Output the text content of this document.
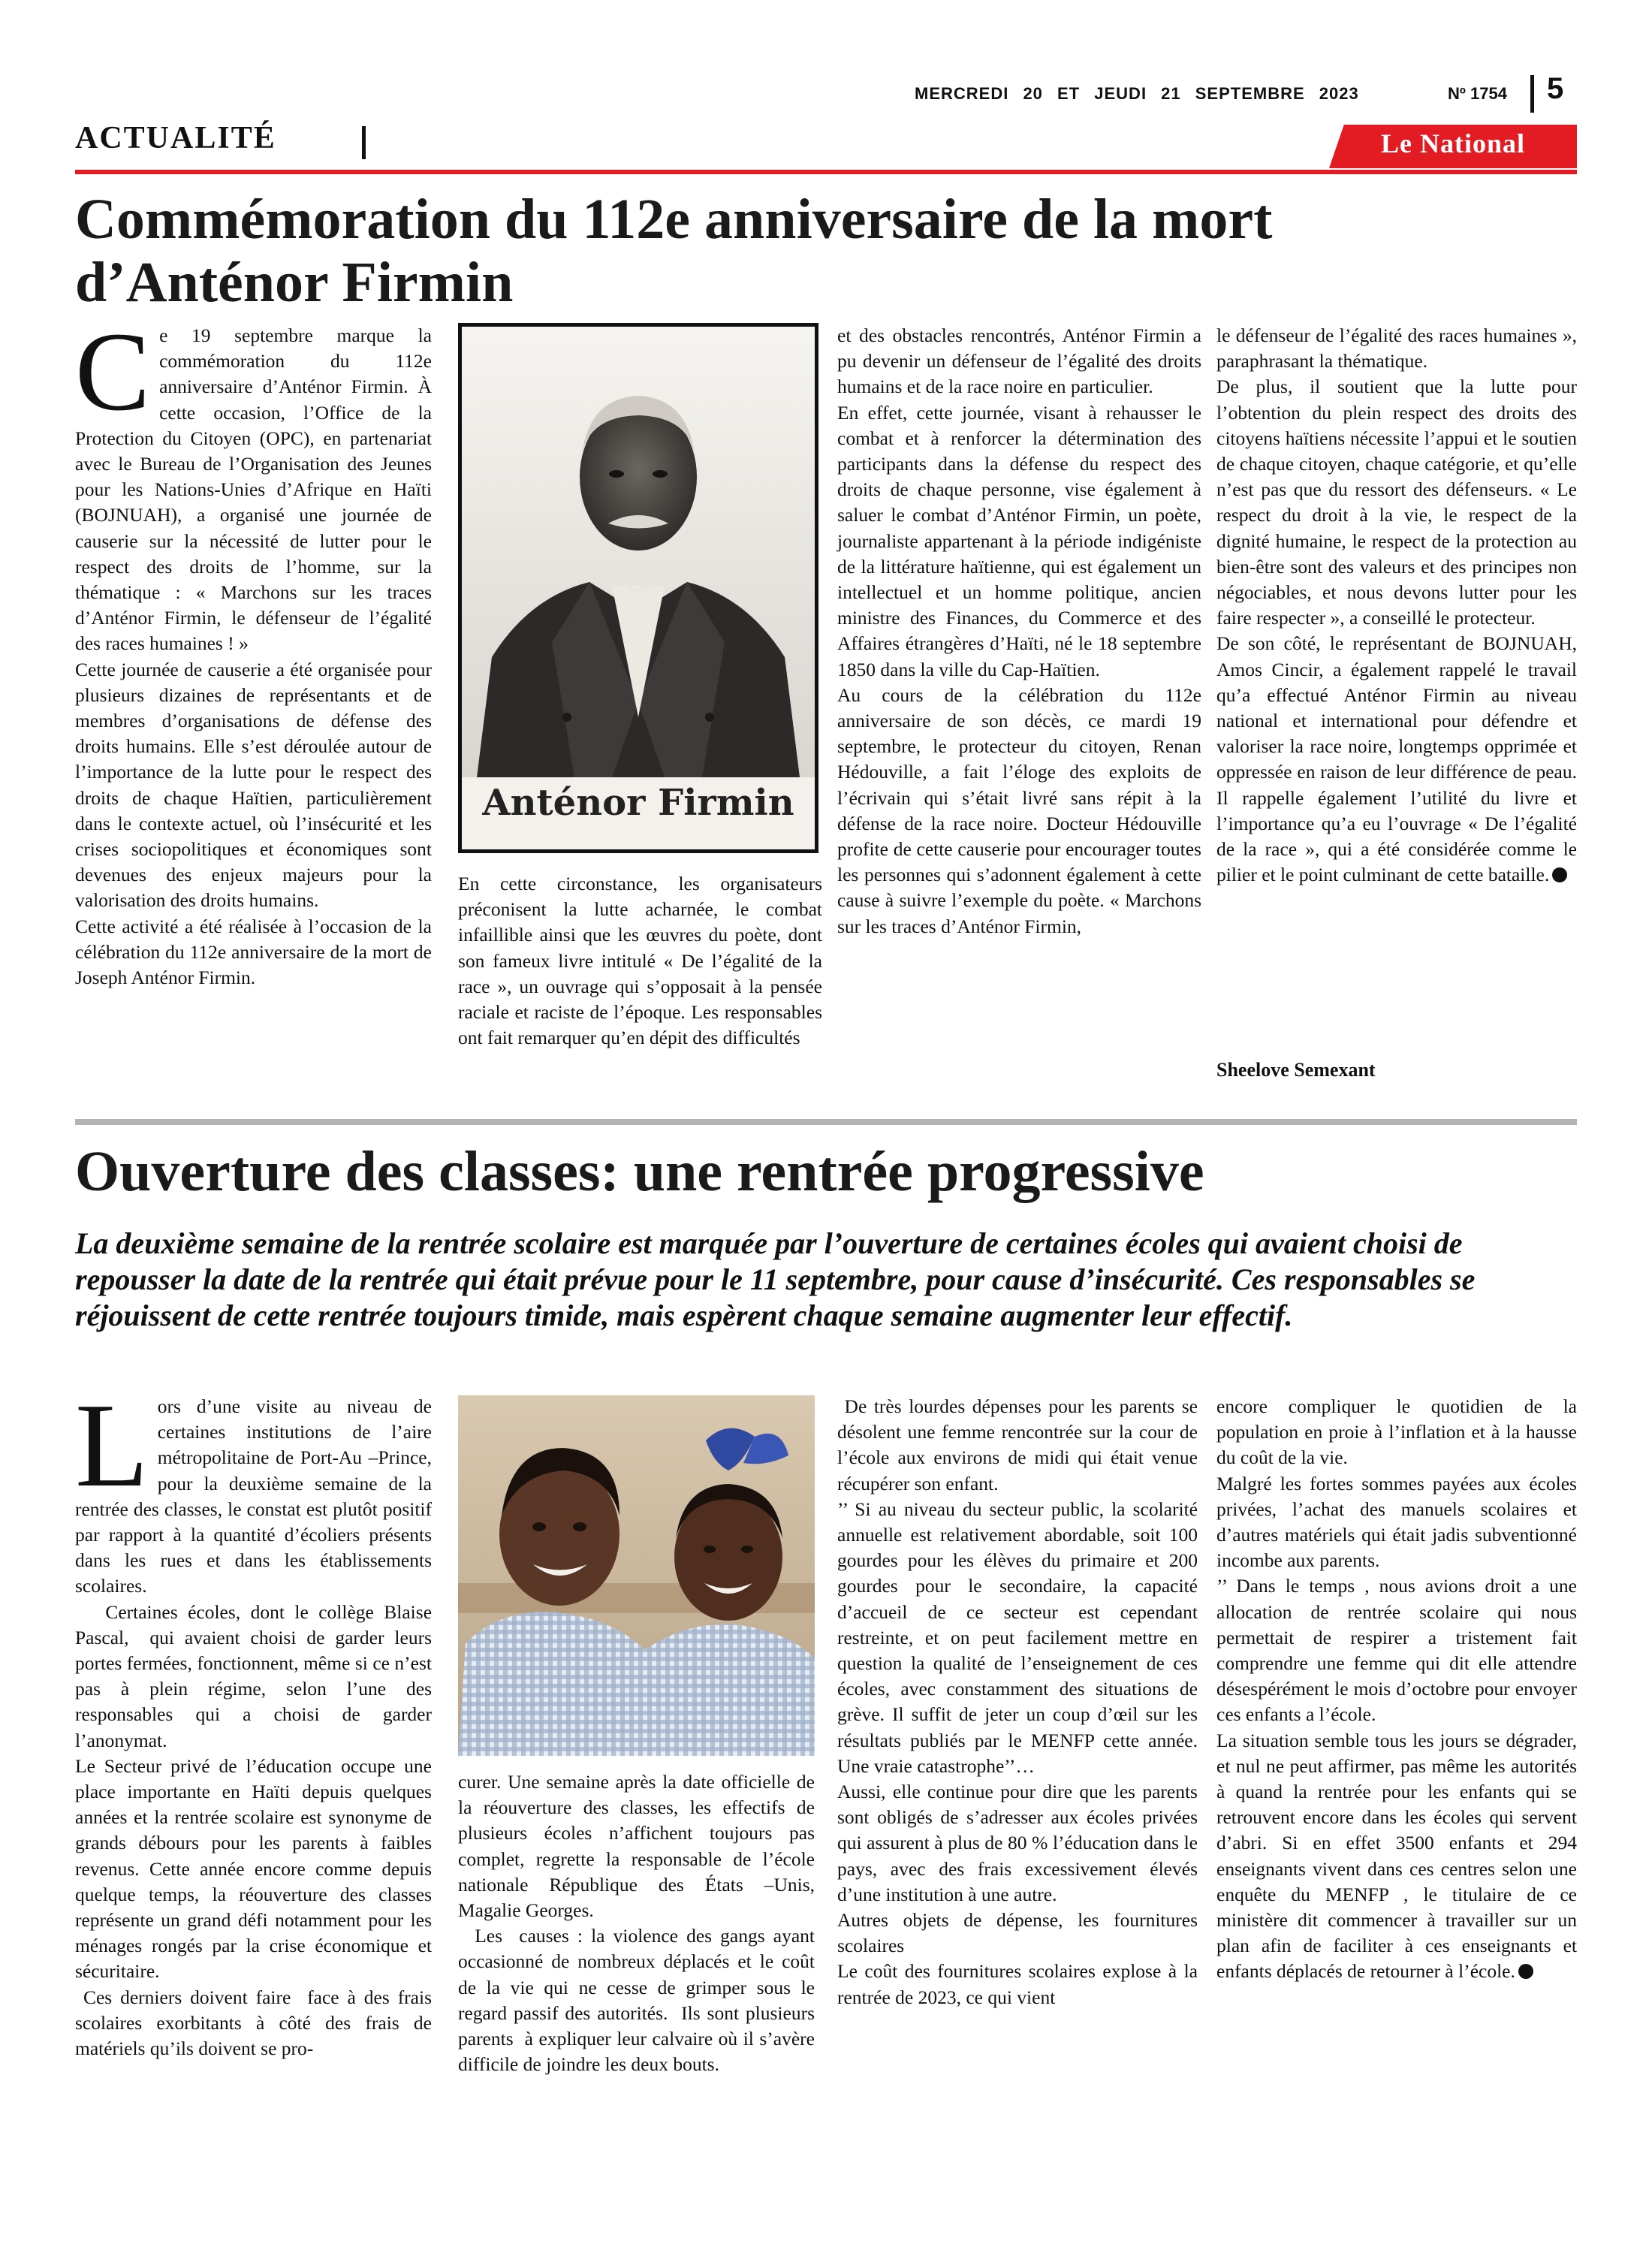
MERCREDI 20 ET JEUDI 21 SEPTEMBRE 2023	Nº 1754 5
ACTUALITÉ	Le National
Commémoration du 112e anniversaire de la mort d’Anténor Firmin

Ce 19 septembre marque la commémoration du 112e anniversaire d’Anténor Firmin. À cette occasion, l’Office de la Protection du Citoyen (OPC), en partenariat avec le Bureau de l’Organisation des Jeunes pour les Nations-Unies d’Afrique en Haïti (BOJNUAH), a organisé une journée de causerie sur la nécessité de lutter pour le respect des droits de l’homme, sur la thématique : « Marchons sur les traces d’Anténor Firmin, le défenseur de l’égalité des races humaines ! »

Cette journée de causerie a été organisée pour plusieurs dizaines de représentants et de membres d’organisations de défense des droits humains. Elle s’est déroulée autour de l’importance de la lutte pour le respect des droits de chaque Haïtien, particulièrement dans le contexte actuel, où l’insécurité et les crises sociopolitiques et économiques sont devenues des enjeux majeurs pour la valorisation des droits humains.

Cette activité a été réalisée à l’occasion de la célébration du 112e anniversaire de la mort de Joseph Anténor Firmin.

Anténor Firmin

En cette circonstance, les organisateurs préconisent la lutte acharnée, le combat infaillible ainsi que les œuvres du poète, dont son fameux livre intitulé « De l’égalité de la race », un ouvrage qui s’opposait à la pensée raciale et raciste de l’époque. Les responsables ont fait remarquer qu’en dépit des difficultés

et des obstacles rencontrés, Anténor Firmin a pu devenir un défenseur de l’égalité des droits humains et de la race noire en particulier.

En effet, cette journée, visant à rehausser le combat et à renforcer la détermination des participants dans la défense du respect des droits de chaque personne, vise également à saluer le combat d’Anténor Firmin, un poète, journaliste appartenant à la période indigéniste de la littérature haïtienne, qui est également un intellectuel et un homme politique, ancien ministre des Finances, du Commerce et des Affaires étrangères d’Haïti, né le 18 septembre 1850 dans la ville du Cap-Haïtien.

Au cours de la célébration du 112e anniversaire de son décès, ce mardi 19 septembre, le protecteur du citoyen, Renan Hédouville, a fait l’éloge des exploits de l’écrivain qui s’était livré sans répit à la défense de la race noire. Docteur Hédouville profite de cette causerie pour encourager toutes les personnes qui s’adonnent également à cette cause à suivre l’exemple du poète. « Marchons sur les traces d’Anténor Firmin,

le défenseur de l’égalité des races humaines », paraphrasant la thématique.

De plus, il soutient que la lutte pour l’obtention du plein respect des droits des citoyens haïtiens nécessite l’appui et le soutien de chaque citoyen, chaque catégorie, et qu’elle n’est pas que du ressort des défenseurs. « Le respect du droit à la vie, le respect de la dignité humaine, le respect de la protection au bien-être sont des valeurs et des principes non négociables, et nous devons lutter pour les faire respecter », a conseillé le protecteur.

De son côté, le représentant de BOJNUAH, Amos Cincir, a également rappelé le travail qu’a effectué Anténor Firmin au niveau national et international pour défendre et valoriser la race noire, longtemps opprimée et oppressée en raison de leur différence de peau. Il rappelle également l’utilité du livre et l’importance qu’a eu l’ouvrage « De l’égalité de la race », qui a été considérée comme le pilier et le point culminant de cette bataille.

Sheelove Semexant
Ouverture des classes: une rentrée progressive
La deuxième semaine de la rentrée scolaire est marquée par l’ouverture de certaines écoles qui avaient choisi de repousser la date de la rentrée qui était prévue pour le 11 septembre, pour cause d’insécurité. Ces responsables se réjouissent de cette rentrée toujours timide, mais espèrent chaque semaine augmenter leur effectif.

Lors d’une visite au niveau de certaines institutions de l’aire métropolitaine de Port-Au –Prince, pour la deuxième semaine de la rentrée des classes, le constat est plutôt positif par rapport à la quantité d’écoliers présents dans les rues et dans les établissements scolaires.

Certaines écoles, dont le collège Blaise Pascal,  qui avaient choisi de garder leurs portes fermées, fonctionnent, même si ce n’est pas à plein régime, selon l’une des responsables qui a choisi de garder l’anonymat.

Le Secteur privé de l’éducation occupe une place importante en Haïti depuis quelques années et la rentrée scolaire est synonyme de grands débours pour les parents à faibles revenus. Cette année encore comme depuis quelque temps, la réouverture des classes représente un grand défi notamment pour les ménages rongés par la crise économique et sécuritaire.

Ces derniers doivent faire  face à des frais scolaires exorbitants à côté des frais de matériels qu’ils doivent se pro-

curer. Une semaine après la date officielle de la réouverture des classes, les effectifs de plusieurs écoles n’affichent toujours pas complet, regrette la responsable de l’école nationale République des États –Unis, Magalie Georges.

Les  causes : la violence des gangs ayant occasionné de nombreux déplacés et le coût de la vie qui ne cesse de grimper sous le regard passif des autorités.  Ils sont plusieurs parents  à expliquer leur calvaire où il s’avère difficile de joindre les deux bouts.

De très lourdes dépenses pour les parents se désolent une femme rencontrée sur la cour de l’école aux environs de midi qui était venue récupérer son enfant.

’’ Si au niveau du secteur public, la scolarité annuelle est relativement abordable, soit 100 gourdes pour les élèves du primaire et 200 gourdes pour le secondaire, la capacité d’accueil de ce secteur est cependant restreinte, et on peut facilement mettre en question la qualité de l’enseignement de ces écoles, avec constamment des situations de grève. Il suffit de jeter un coup d’œil sur les résultats publiés par le MENFP cette année. Une vraie catastrophe’’…

Aussi, elle continue pour dire que les parents sont obligés de s’adresser aux écoles privées qui assurent à plus de 80 % l’éducation dans le pays, avec des frais excessivement élevés d’une institution à une autre.

Autres objets de dépense, les fournitures scolaires

Le coût des fournitures scolaires explose à la rentrée de 2023, ce qui vient

encore compliquer le quotidien de la population en proie à l’inflation et à la hausse du coût de la vie.

Malgré les fortes sommes payées aux écoles privées, l’achat des manuels scolaires et d’autres matériels qui était jadis subventionné incombe aux parents.

’’ Dans le temps , nous avions droit a une allocation de rentrée scolaire qui nous permettait de respirer a tristement fait comprendre une femme qui dit elle attendre désespérément le mois d’octobre pour envoyer ces enfants a l’école.

La situation semble tous les jours se dégrader, et nul ne peut affirmer, pas même les autorités à quand la rentrée pour les enfants qui se retrouvent encore dans les écoles qui servent d’abri. Si en effet 3500 enfants et 294 enseignants vivent dans ces centres selon une enquête du MENFP , le titulaire de ce ministère dit commencer à travailler sur un plan afin de faciliter à ces enseignants et enfants déplacés de retourner à l’école.
